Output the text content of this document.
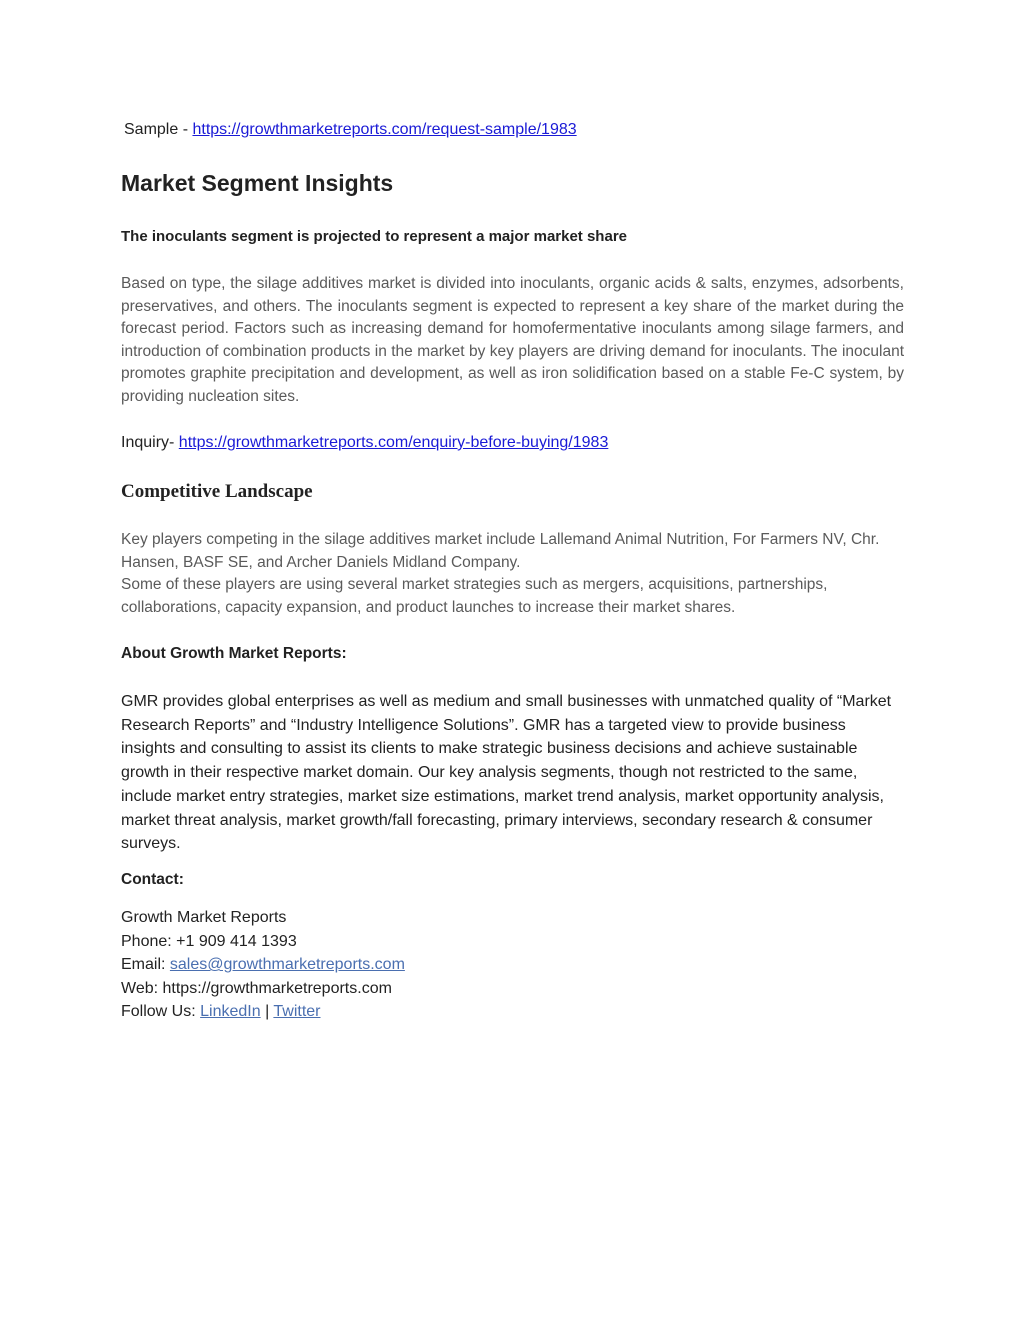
Sample - https://growthmarketreports.com/request-sample/1983
Market Segment Insights
The inoculants segment is projected to represent a major market share
Based on type, the silage additives market is divided into inoculants, organic acids & salts, enzymes, adsorbents, preservatives, and others. The inoculants segment is expected to represent a key share of the market during the forecast period. Factors such as increasing demand for homofermentative inoculants among silage farmers, and introduction of combination products in the market by key players are driving demand for inoculants. The inoculant promotes graphite precipitation and development, as well as iron solidification based on a stable Fe-C system, by providing nucleation sites.
Inquiry- https://growthmarketreports.com/enquiry-before-buying/1983
Competitive Landscape
Key players competing in the silage additives market include Lallemand Animal Nutrition, For Farmers NV, Chr. Hansen, BASF SE, and Archer Daniels Midland Company.
Some of these players are using several market strategies such as mergers, acquisitions, partnerships, collaborations, capacity expansion, and product launches to increase their market shares.
About Growth Market Reports:
GMR provides global enterprises as well as medium and small businesses with unmatched quality of “Market Research Reports” and “Industry Intelligence Solutions”. GMR has a targeted view to provide business insights and consulting to assist its clients to make strategic business decisions and achieve sustainable growth in their respective market domain. Our key analysis segments, though not restricted to the same, include market entry strategies, market size estimations, market trend analysis, market opportunity analysis, market threat analysis, market growth/fall forecasting, primary interviews, secondary research & consumer surveys.
Contact:
Growth Market Reports
Phone: +1 909 414 1393
Email: sales@growthmarketreports.com
Web: https://growthmarketreports.com
Follow Us: LinkedIn | Twitter
